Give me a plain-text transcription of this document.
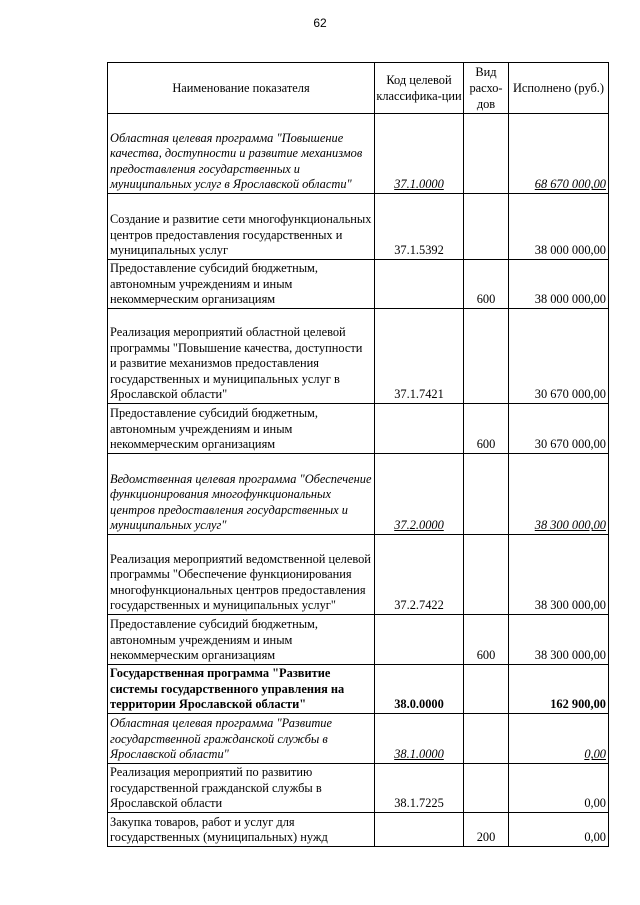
62
Наименование показателя	Код целевой классифика-ции	Вид расхо-дов	Исполнено (руб.)
Областная целевая программа "Повышение качества, доступности и развитие механизмов предоставления государственных и муниципальных услуг в Ярославской области"	37.1.0000		68 670 000,00
Создание и развитие сети многофункциональных центров предоставления государственных и муниципальных услуг	37.1.5392		38 000 000,00
Предоставление субсидий бюджетным, автономным учреждениям и иным некоммерческим организациям		600	38 000 000,00
Реализация мероприятий областной целевой программы "Повышение качества, доступности и развитие механизмов предоставления государственных и муниципальных услуг в Ярославской области"	37.1.7421		30 670 000,00
Предоставление субсидий бюджетным, автономным учреждениям и иным некоммерческим организациям		600	30 670 000,00
Ведомственная целевая программа "Обеспечение функционирования многофункциональных центров предоставления государственных и муниципальных услуг"	37.2.0000		38 300 000,00
Реализация мероприятий ведомственной целевой программы "Обеспечение функционирования многофункциональных центров предоставления государственных и муниципальных услуг"	37.2.7422		38 300 000,00
Предоставление субсидий бюджетным, автономным учреждениям и иным некоммерческим организациям		600	38 300 000,00
Государственная программа "Развитие системы государственного управления на территории Ярославской области"	38.0.0000		162 900,00
Областная целевая программа "Развитие государственной гражданской службы в Ярославской области"	38.1.0000		0,00
Реализация мероприятий по развитию государственной гражданской службы в Ярославской области	38.1.7225		0,00
Закупка товаров, работ и услуг для государственных (муниципальных) нужд		200	0,00
